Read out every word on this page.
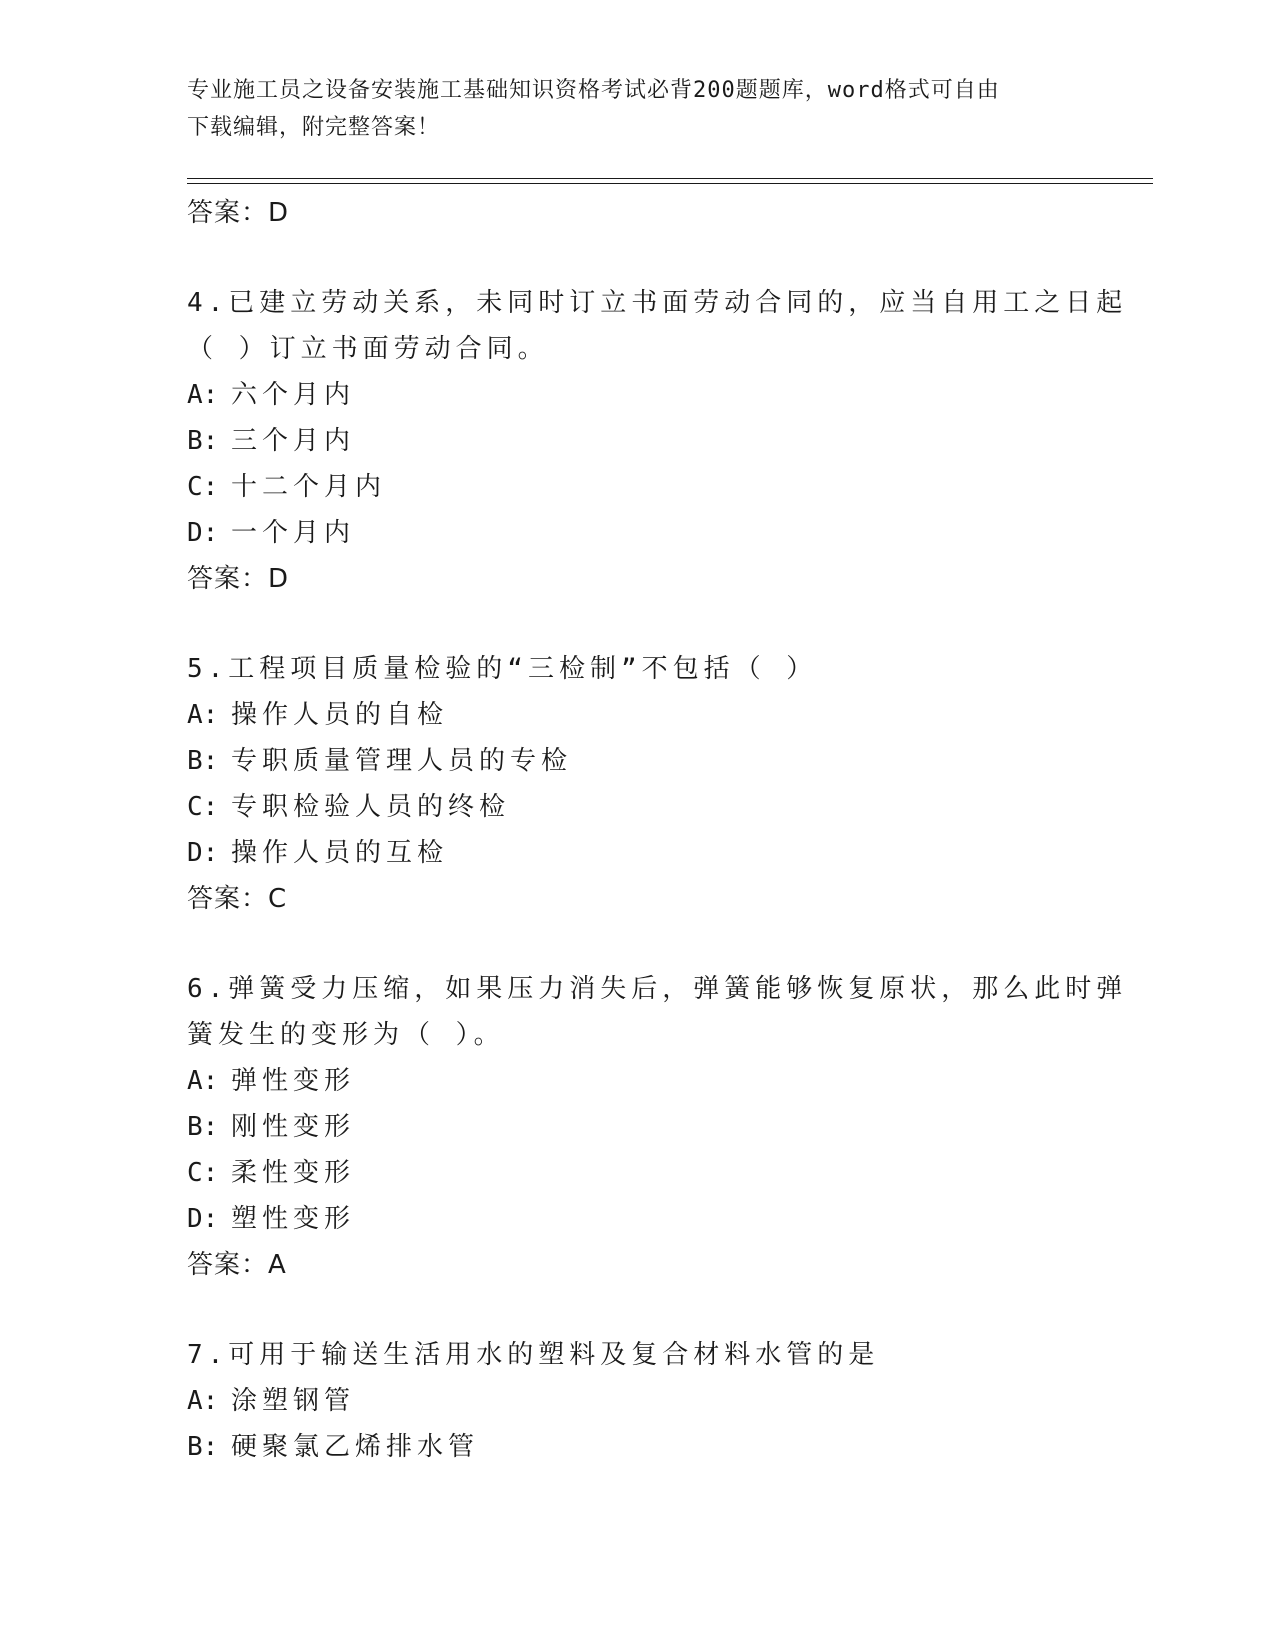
专业施工员之设备安装施工基础知识资格考试必背200题题库，word格式可自由
下载编辑，附完整答案！
答案：D
4.已建立劳动关系，未同时订立书面劳动合同的，应当自用工之日起
（ ）订立书面劳动合同。
A: 六个月内
B: 三个月内
C: 十二个月内
D: 一个月内
答案：D
5.工程项目质量检验的“三检制”不包括（ ）
A: 操作人员的自检
B: 专职质量管理人员的专检
C: 专职检验人员的终检
D: 操作人员的互检
答案：C
6.弹簧受力压缩，如果压力消失后，弹簧能够恢复原状，那么此时弹
簧发生的变形为（ ）。
A: 弹性变形
B: 刚性变形
C: 柔性变形
D: 塑性变形
答案：A
7.可用于输送生活用水的塑料及复合材料水管的是
A: 涂塑钢管
B: 硬聚氯乙烯排水管
